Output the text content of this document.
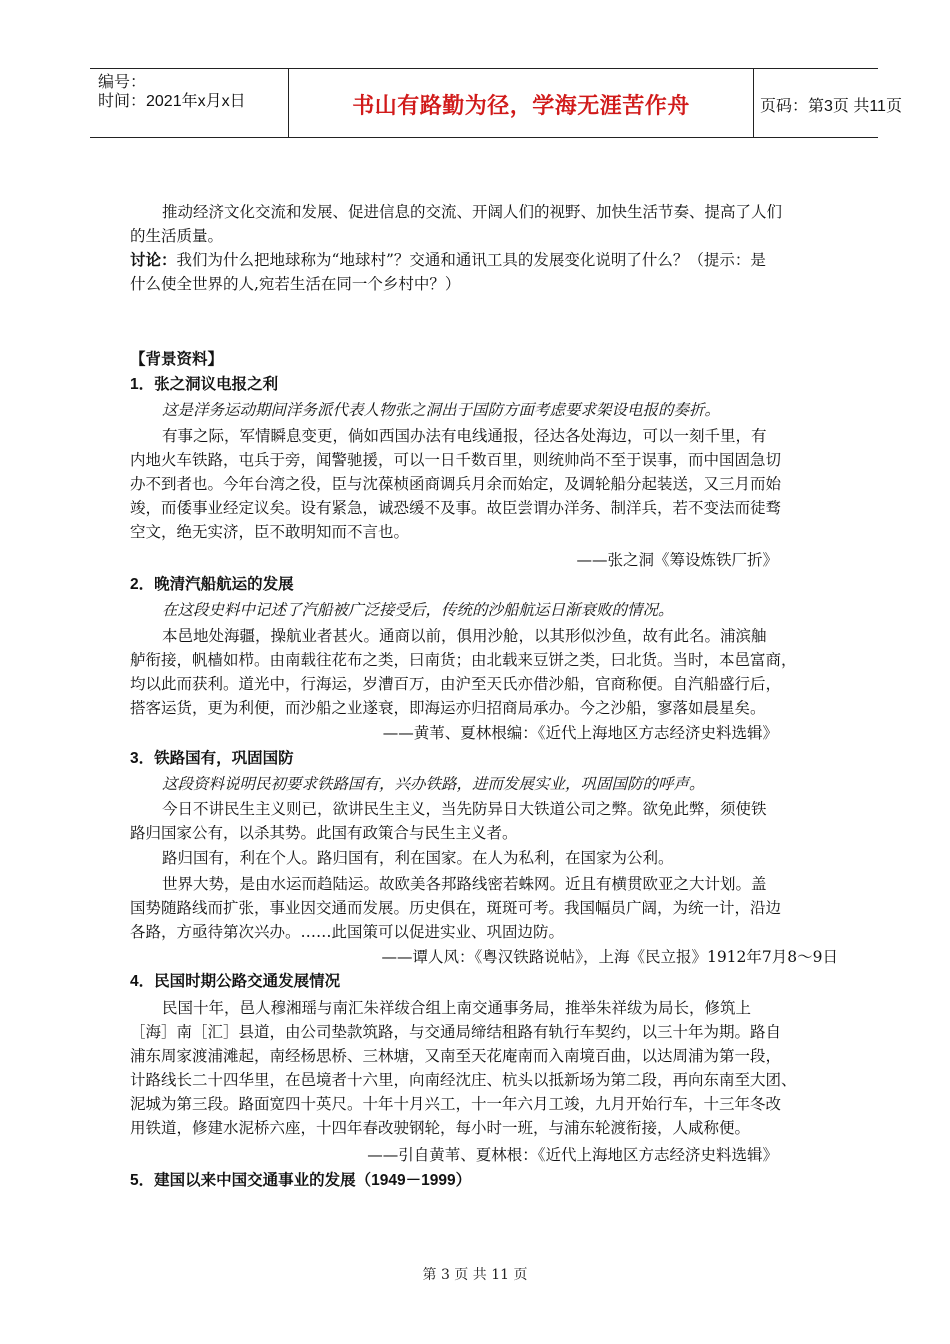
编号：
时间：2021年x月x日	书山有路勤为径，学海无涯苦作舟	页码：第3页 共11页
推动经济文化交流和发展、促进信息的交流、开阔人们的视野、加快生活节奏、提高了人们
的生活质量。
讨论：我们为什么把地球称为“地球村”？交通和通讯工具的发展变化说明了什么？（提示：是
什么使全世界的人,宛若生活在同一个乡村中？）
【背景资料】
1．张之洞议电报之利
这是洋务运动期间洋务派代表人物张之洞出于国防方面考虑要求架设电报的奏折。
有事之际，军情瞬息变更，倘如西国办法有电线通报，径达各处海边，可以一刻千里，有
内地火车铁路，屯兵于旁，闻警驰援，可以一日千数百里，则统帅尚不至于误事，而中国固急切
办不到者也。今年台湾之役，臣与沈葆桢函商调兵月余而始定，及调轮船分起装送，又三月而始
竣，而倭事业经定议矣。设有紧急，诚恐缓不及事。故臣尝谓办洋务、制洋兵，若不变法而徒骛
空文，绝无实济，臣不敢明知而不言也。
——张之洞《筹设炼铁厂折》
2．晚清汽船航运的发展
在这段史料中记述了汽船被广泛接受后，传统的沙船航运日渐衰败的情况。
本邑地处海疆，操航业者甚火。通商以前，俱用沙舱，以其形似沙鱼，故有此名。浦滨舳
舻衔接，帆樯如栉。由南载往花布之类，曰南货；由北载来豆饼之类，曰北货。当时，本邑富商，
均以此而获利。道光中，行海运，岁漕百万，由沪至天氏亦借沙船，官商称便。自汽船盛行后，
搭客运货，更为利便，而沙船之业遂衰，即海运亦归招商局承办。今之沙船，寥落如晨星矣。
——黄苇、夏林根编：《近代上海地区方志经济史料选辑》
3．铁路国有，巩固国防
这段资料说明民初要求铁路国有，兴办铁路，进而发展实业，巩固国防的呼声。
今日不讲民生主义则已，欲讲民生主义，当先防异日大铁道公司之弊。欲免此弊，须使铁
路归国家公有，以杀其势。此国有政策合与民生主义者。
路归国有，利在个人。路归国有，利在国家。在人为私利，在国家为公利。
世界大势，是由水运而趋陆运。故欧美各邦路线密若蛛网。近且有横贯欧亚之大计划。盖
国势随路线而扩张，事业因交通而发展。历史俱在，斑斑可考。我国幅员广阔，为统一计，沿边
各路，方亟待第次兴办。……此国策可以促进实业、巩固边防。
——谭人风：《粤汉铁路说帖》，上海《民立报》1912年7月8～9日
4．民国时期公路交通发展情况
民国十年，邑人穆湘瑶与南汇朱祥绂合组上南交通事务局，推举朱祥绂为局长，修筑上
［海］南［汇］县道，由公司垫款筑路，与交通局缔结租路有轨行车契约，以三十年为期。路自
浦东周家渡浦滩起，南经杨思桥、三林塘，又南至天花庵南而入南境百曲，以达周浦为第一段，
计路线长二十四华里，在邑境者十六里，向南经沈庄、杭头以抵新场为第二段，再向东南至大团、
泥城为第三段。路面宽四十英尺。十年十月兴工，十一年六月工竣，九月开始行车，十三年冬改
用铁道，修建水泥桥六座，十四年春改驶钢轮，每小时一班，与浦东轮渡衔接，人咸称便。
——引自黄苇、夏林根：《近代上海地区方志经济史料选辑》
5．建国以来中国交通事业的发展（1949－1999）
第 3 页 共 11 页
